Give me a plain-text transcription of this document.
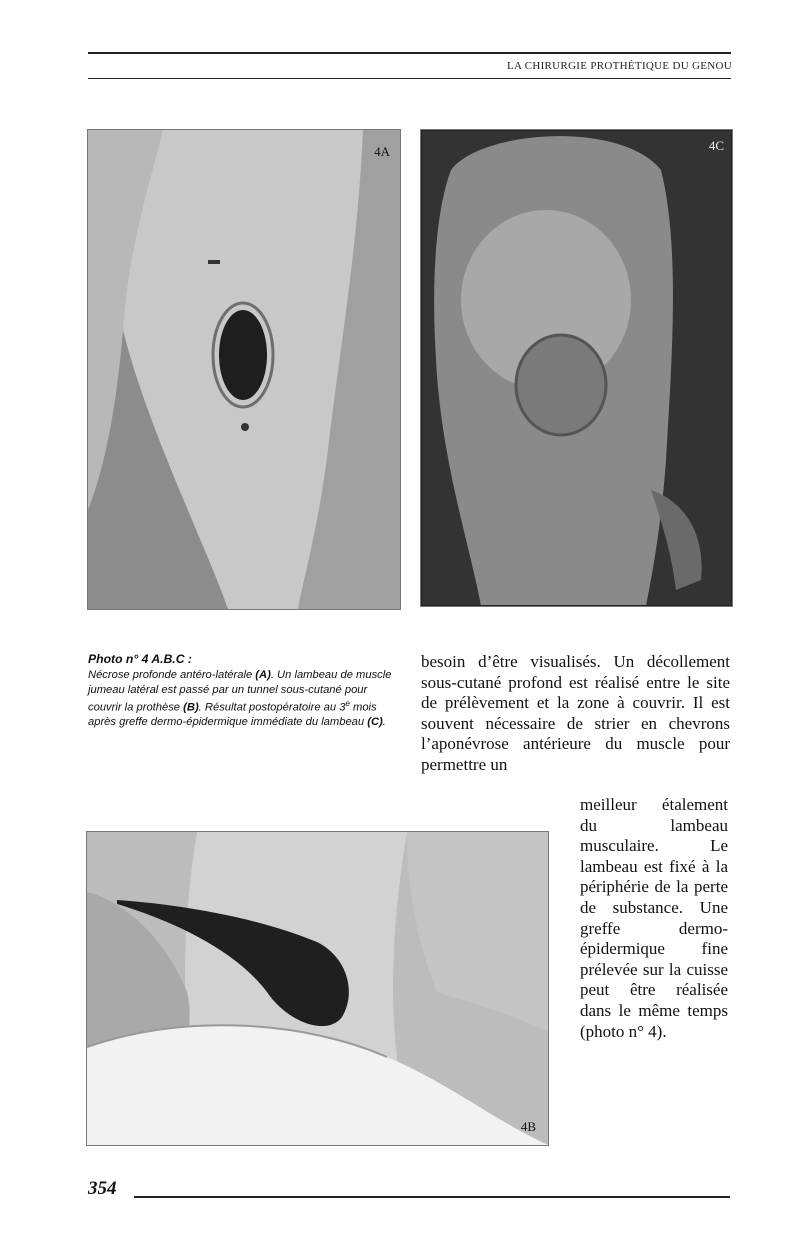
LA CHIRURGIE PROTHÉTIQUE DU GENOU
4A	4C
Photo n° 4 A.B.C :
Nécrose profonde antéro-latérale (A). Un lambeau de muscle jumeau latéral est passé par un tunnel sous-cutané pour couvrir la prothèse (B). Résultat postopératoire au 3e mois après greffe dermo-épidermique immédiate du lambeau (C).
besoin d’être visualisés. Un décollement sous-cutané profond est réalisé entre le site de prélèvement et la zone à couvrir. Il est souvent nécessaire de strier en chevrons l’aponévrose antérieure du muscle pour permettre un
4B
meilleur étalement du lambeau musculaire. Le lambeau est fixé à la périphérie de la perte de substance. Une greffe dermo-épidermique fine prélevée sur la cuisse peut être réalisée dans le même temps (photo n° 4).
354
